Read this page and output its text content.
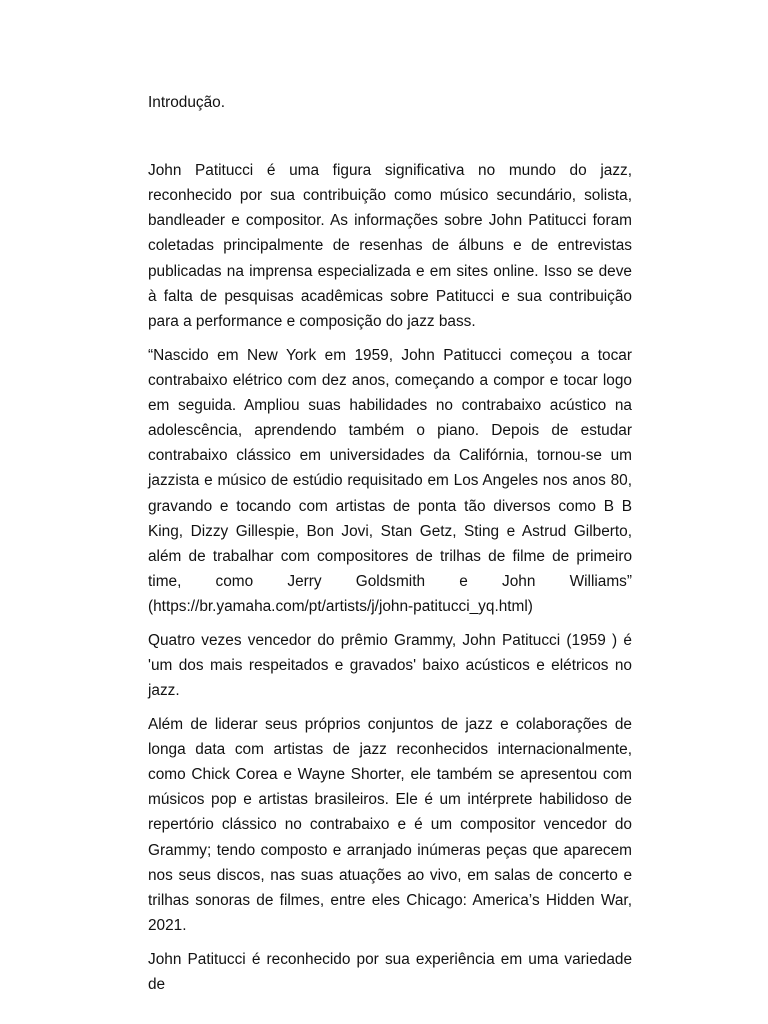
Introdução.

John Patitucci é uma figura significativa no mundo do jazz, reconhecido por sua contribuição como músico secundário, solista, bandleader e compositor. As informações sobre John Patitucci foram coletadas principalmente de resenhas de álbuns e de entrevistas publicadas na imprensa especializada e em sites online. Isso se deve à falta de pesquisas acadêmicas sobre Patitucci e sua contribuição para a performance e composição do jazz bass.

“Nascido em New York em 1959, John Patitucci começou a tocar contrabaixo elétrico com dez anos, começando a compor e tocar logo em seguida. Ampliou suas habilidades no contrabaixo acústico na adolescência, aprendendo também o piano. Depois de estudar contrabaixo clássico em universidades da Califórnia, tornou-se um jazzista e músico de estúdio requisitado em Los Angeles nos anos 80, gravando e tocando com artistas de ponta tão diversos como B B King, Dizzy Gillespie, Bon Jovi, Stan Getz, Sting e Astrud Gilberto, além de trabalhar com compositores de trilhas de filme de primeiro time, como Jerry Goldsmith e John Williams” (https://br.yamaha.com/pt/artists/j/john-patitucci_yq.html)

Quatro vezes vencedor do prêmio Grammy, John Patitucci (1959 ) é 'um dos mais respeitados e gravados' baixo acústicos e elétricos no jazz.

Além de liderar seus próprios conjuntos de jazz e colaborações de longa data com artistas de jazz reconhecidos internacionalmente, como Chick Corea e Wayne Shorter, ele também se apresentou com músicos pop e artistas brasileiros. Ele é um intérprete habilidoso de repertório clássico no contrabaixo e é um compositor vencedor do Grammy; tendo composto e arranjado inúmeras peças que aparecem nos seus discos, nas suas atuações ao vivo, em salas de concerto e trilhas sonoras de filmes, entre eles Chicago: America’s Hidden War, 2021.

John Patitucci é reconhecido por sua experiência em uma variedade de
